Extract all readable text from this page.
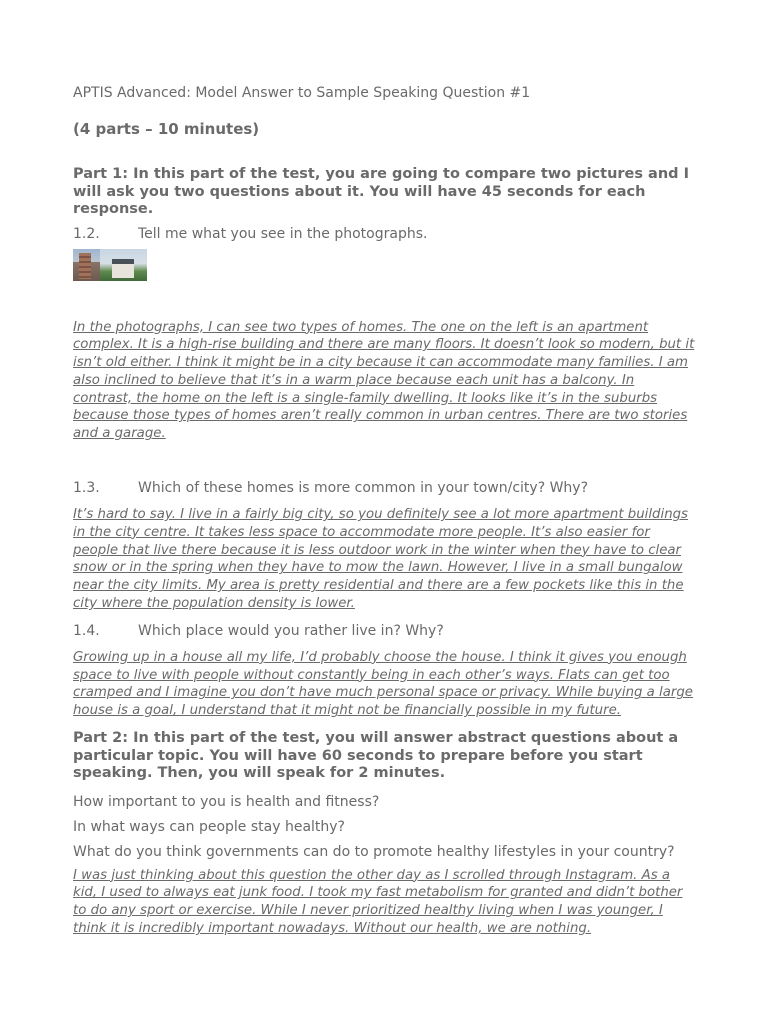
APTIS Advanced: Model Answer to Sample Speaking Question #1

(4 parts – 10 minutes)

Part 1: In this part of the test, you are going to compare two pictures and I will ask you two questions about it. You will have 45 seconds for each response.

1.2.	Tell me what you see in the photographs.

In the photographs, I can see two types of homes. The one on the left is an apartment complex. It is a high-rise building and there are many floors. It doesn’t look so modern, but it isn’t old either. I think it might be in a city because it can accommodate many families. I am also inclined to believe that it’s in a warm place because each unit has a balcony. In contrast, the home on the left is a single-family dwelling. It looks like it’s in the suburbs because those types of homes aren’t really common in urban centres. There are two stories and a garage.

1.3.	Which of these homes is more common in your town/city? Why?

It’s hard to say. I live in a fairly big city, so you definitely see a lot more apartment buildings in the city centre. It takes less space to accommodate more people. It’s also easier for people that live there because it is less outdoor work in the winter when they have to clear snow or in the spring when they have to mow the lawn. However, I live in a small bungalow near the city limits. My area is pretty residential and there are a few pockets like this in the city where the population density is lower.

1.4.	Which place would you rather live in? Why?

Growing up in a house all my life, I’d probably choose the house. I think it gives you enough space to live with people without constantly being in each other’s ways. Flats can get too cramped and I imagine you don’t have much personal space or privacy. While buying a large house is a goal, I understand that it might not be financially possible in my future.

Part 2: In this part of the test, you will answer abstract questions about a particular topic. You will have 60 seconds to prepare before you start speaking. Then, you will speak for 2 minutes.

How important to you is health and fitness?

In what ways can people stay healthy?

What do you think governments can do to promote healthy lifestyles in your country?

I was just thinking about this question the other day as I scrolled through Instagram. As a kid, I used to always eat junk food. I took my fast metabolism for granted and didn’t bother to do any sport or exercise. While I never prioritized healthy living when I was younger, I think it is incredibly important nowadays. Without our health, we are nothing.
